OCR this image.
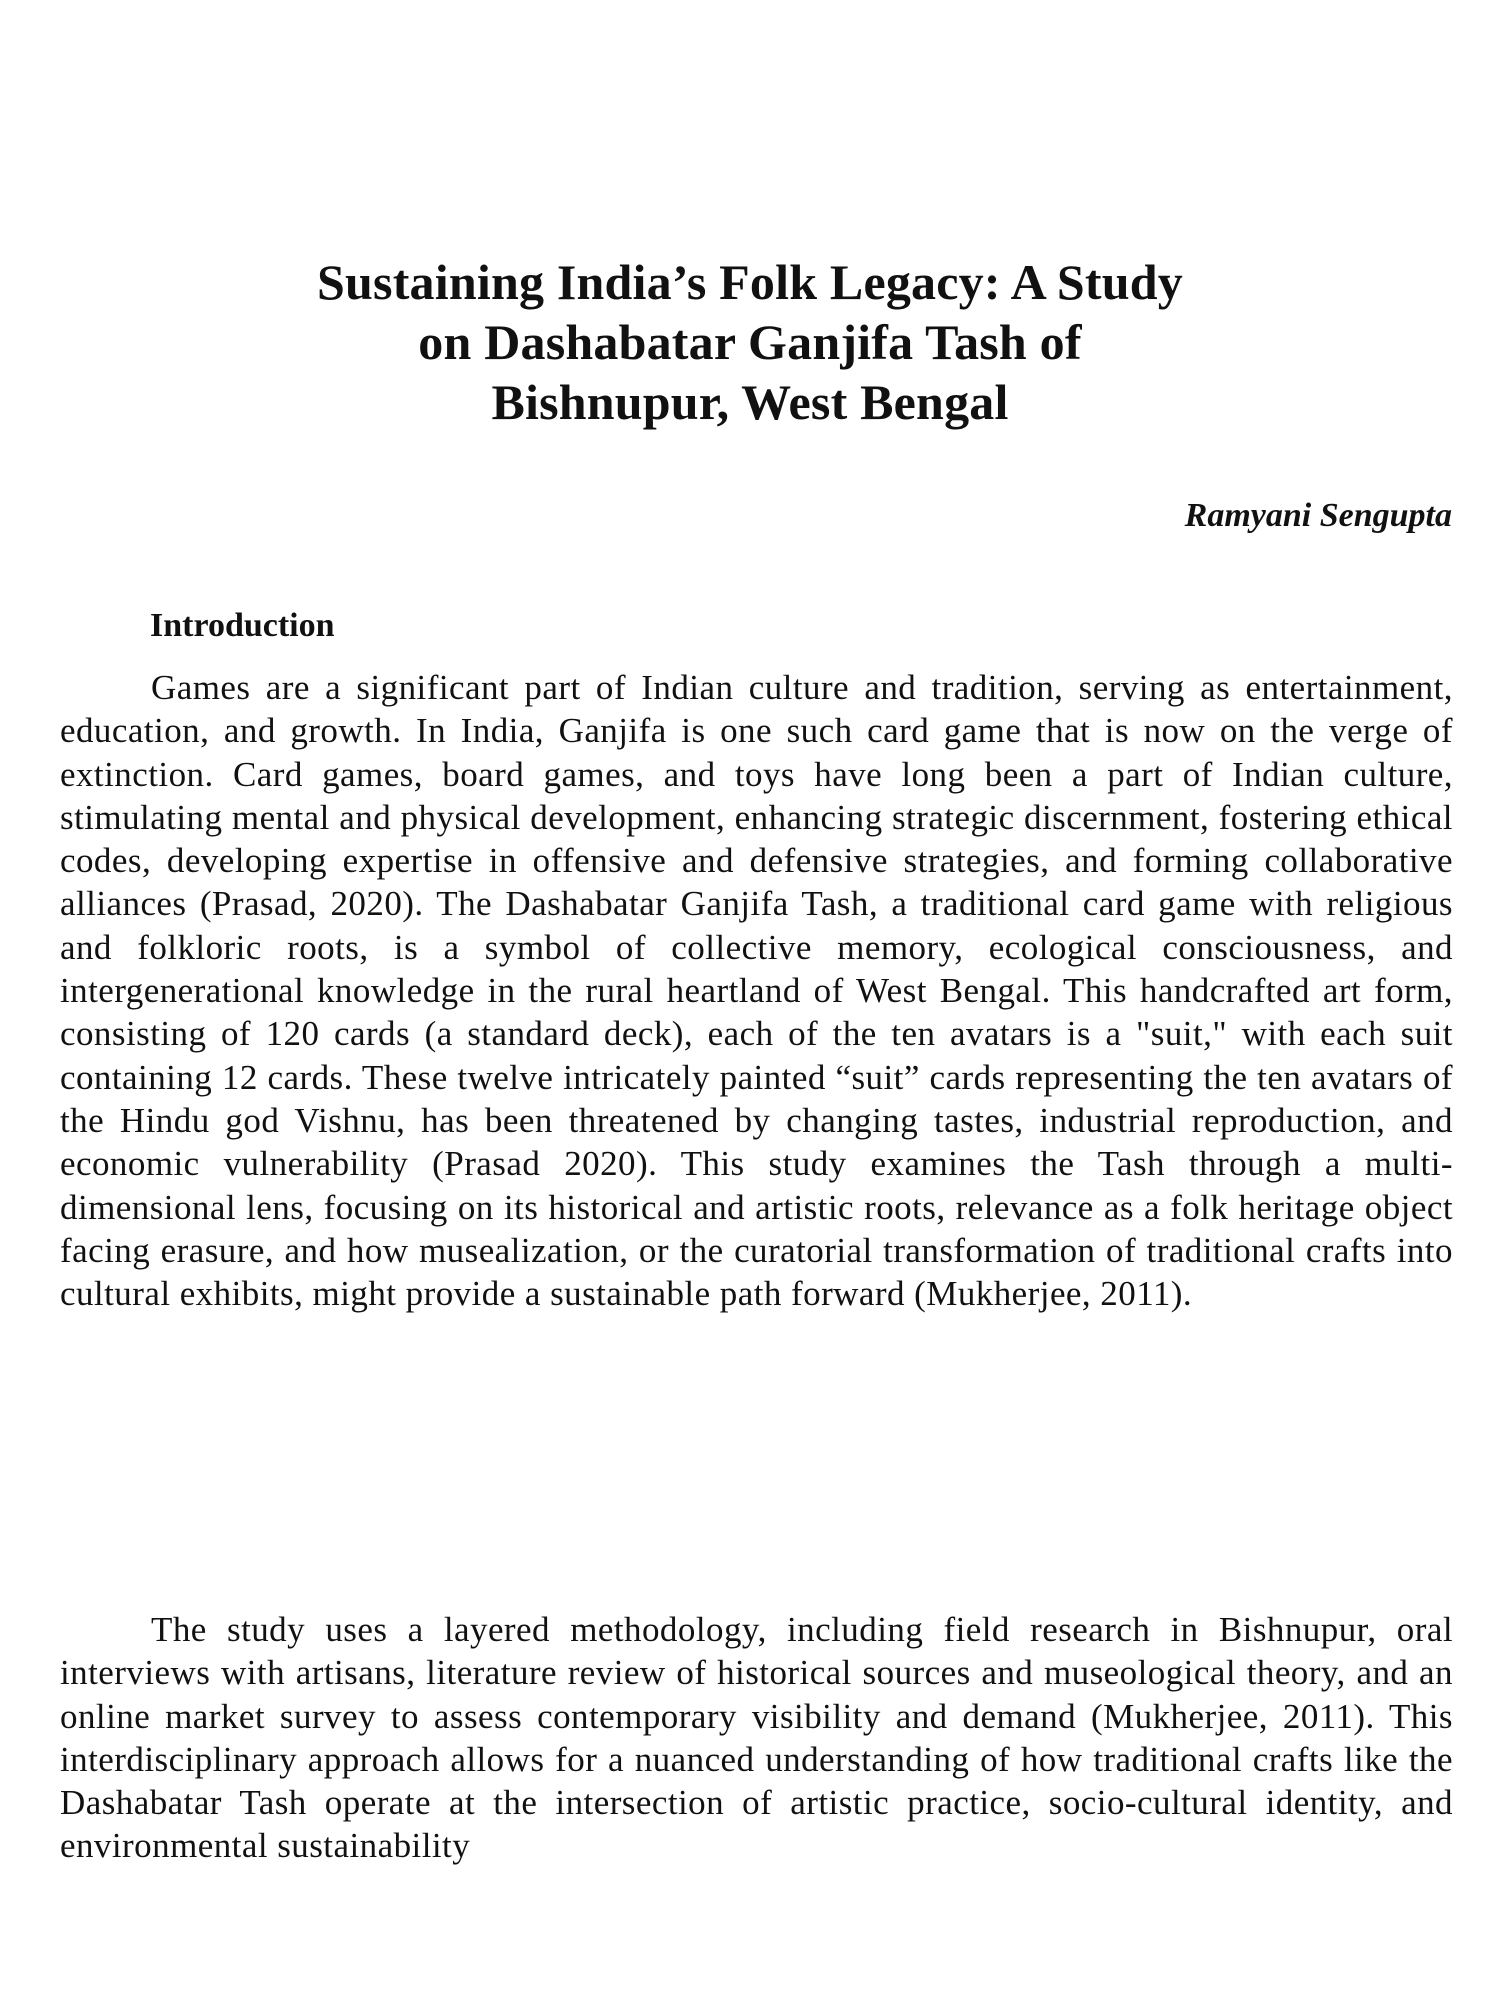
Sustaining India’s Folk Legacy: A Study
on Dashabatar Ganjifa Tash of
Bishnupur, West Bengal

Ramyani Sengupta

Introduction

Games are a significant part of Indian culture and tradition, serving as entertainment, education, and growth. In India, Ganjifa is one such card game that is now on the verge of extinction. Card games, board games, and toys have long been a part of Indian culture, stimulating mental and physical development, enhancing strategic discernment, fostering ethical codes, developing expertise in offensive and defensive strategies, and forming collaborative alliances (Prasad, 2020). The Dashabatar Ganjifa Tash, a traditional card game with religious and folkloric roots, is a symbol of collective memory, ecological consciousness, and intergenerational knowledge in the rural heartland of West Bengal. This handcrafted art form, consisting of 120 cards (a standard deck), each of the ten avatars is a "suit," with each suit containing 12 cards. These twelve intricately painted “suit” cards representing the ten avatars of the Hindu god Vishnu, has been threatened by changing tastes, industrial reproduction, and economic vulnerability (Prasad 2020). This study examines the Tash through a multi-dimensional lens, focusing on its historical and artistic roots, relevance as a folk heritage object facing erasure, and how musealization, or the curatorial transformation of traditional crafts into cultural exhibits, might provide a sustainable path forward (Mukherjee, 2011).

The study uses a layered methodology, including field research in Bishnupur, oral interviews with artisans, literature review of historical sources and museological theory, and an online market survey to assess contemporary visibility and demand (Mukherjee, 2011). This interdisciplinary approach allows for a nuanced understanding of how traditional crafts like the Dashabatar Tash operate at the intersection of artistic practice, socio-cultural identity, and environmental sustainability
